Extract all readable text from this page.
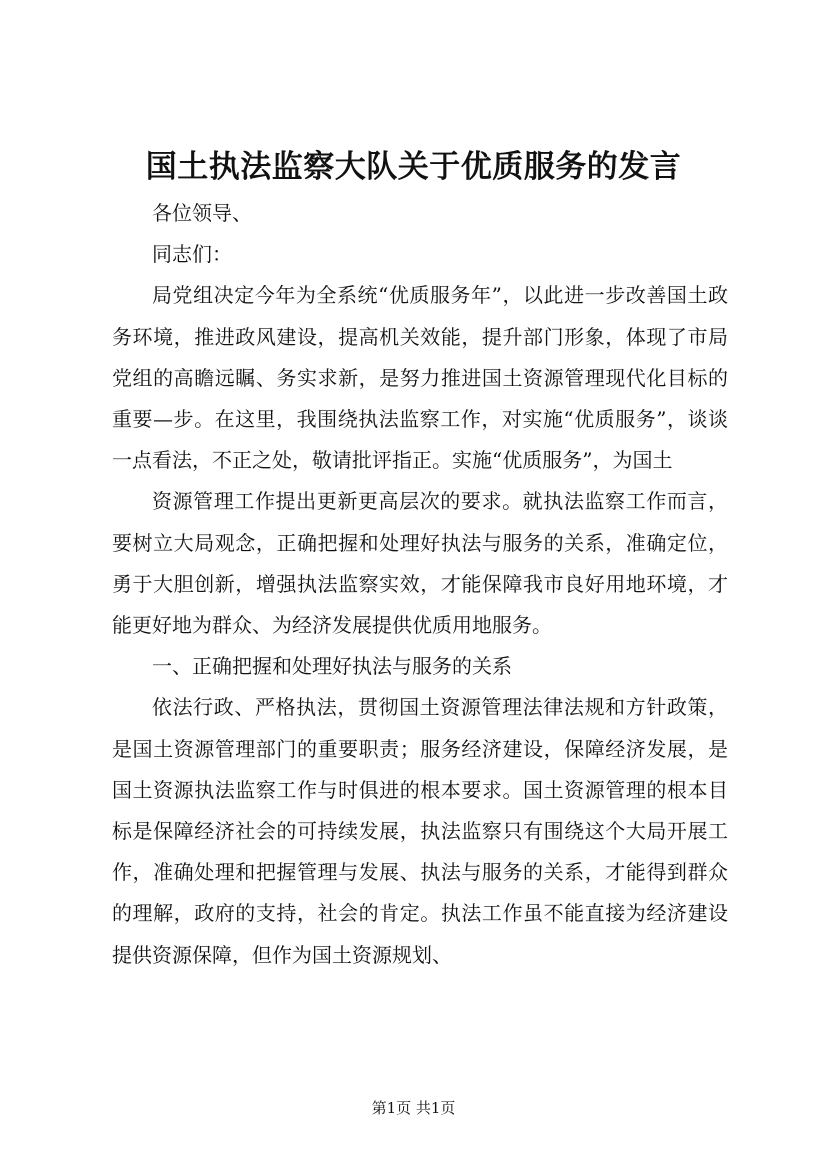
国土执法监察大队关于优质服务的发言

各位领导、

同志们：

局党组决定今年为全系统“优质服务年”，以此进一步改善国土政务环境，推进政风建设，提高机关效能，提升部门形象，体现了市局党组的高瞻远瞩、务实求新，是努力推进国土资源管理现代化目标的重要—步。在这里，我围绕执法监察工作，对实施“优质服务”，谈谈一点看法，不正之处，敬请批评指正。实施“优质服务”，为国土

资源管理工作提出更新更高层次的要求。就执法监察工作而言，要树立大局观念，正确把握和处理好执法与服务的关系，准确定位，勇于大胆创新，增强执法监察实效，才能保障我市良好用地环境，才能更好地为群众、为经济发展提供优质用地服务。

一、正确把握和处理好执法与服务的关系

依法行政、严格执法，贯彻国土资源管理法律法规和方针政策，是国土资源管理部门的重要职责；服务经济建设，保障经济发展，是国土资源执法监察工作与时俱进的根本要求。国土资源管理的根本目标是保障经济社会的可持续发展，执法监察只有围绕这个大局开展工作，准确处理和把握管理与发展、执法与服务的关系，才能得到群众的理解，政府的支持，社会的肯定。执法工作虽不能直接为经济建设提供资源保障，但作为国土资源规划、

第1页 共1页
